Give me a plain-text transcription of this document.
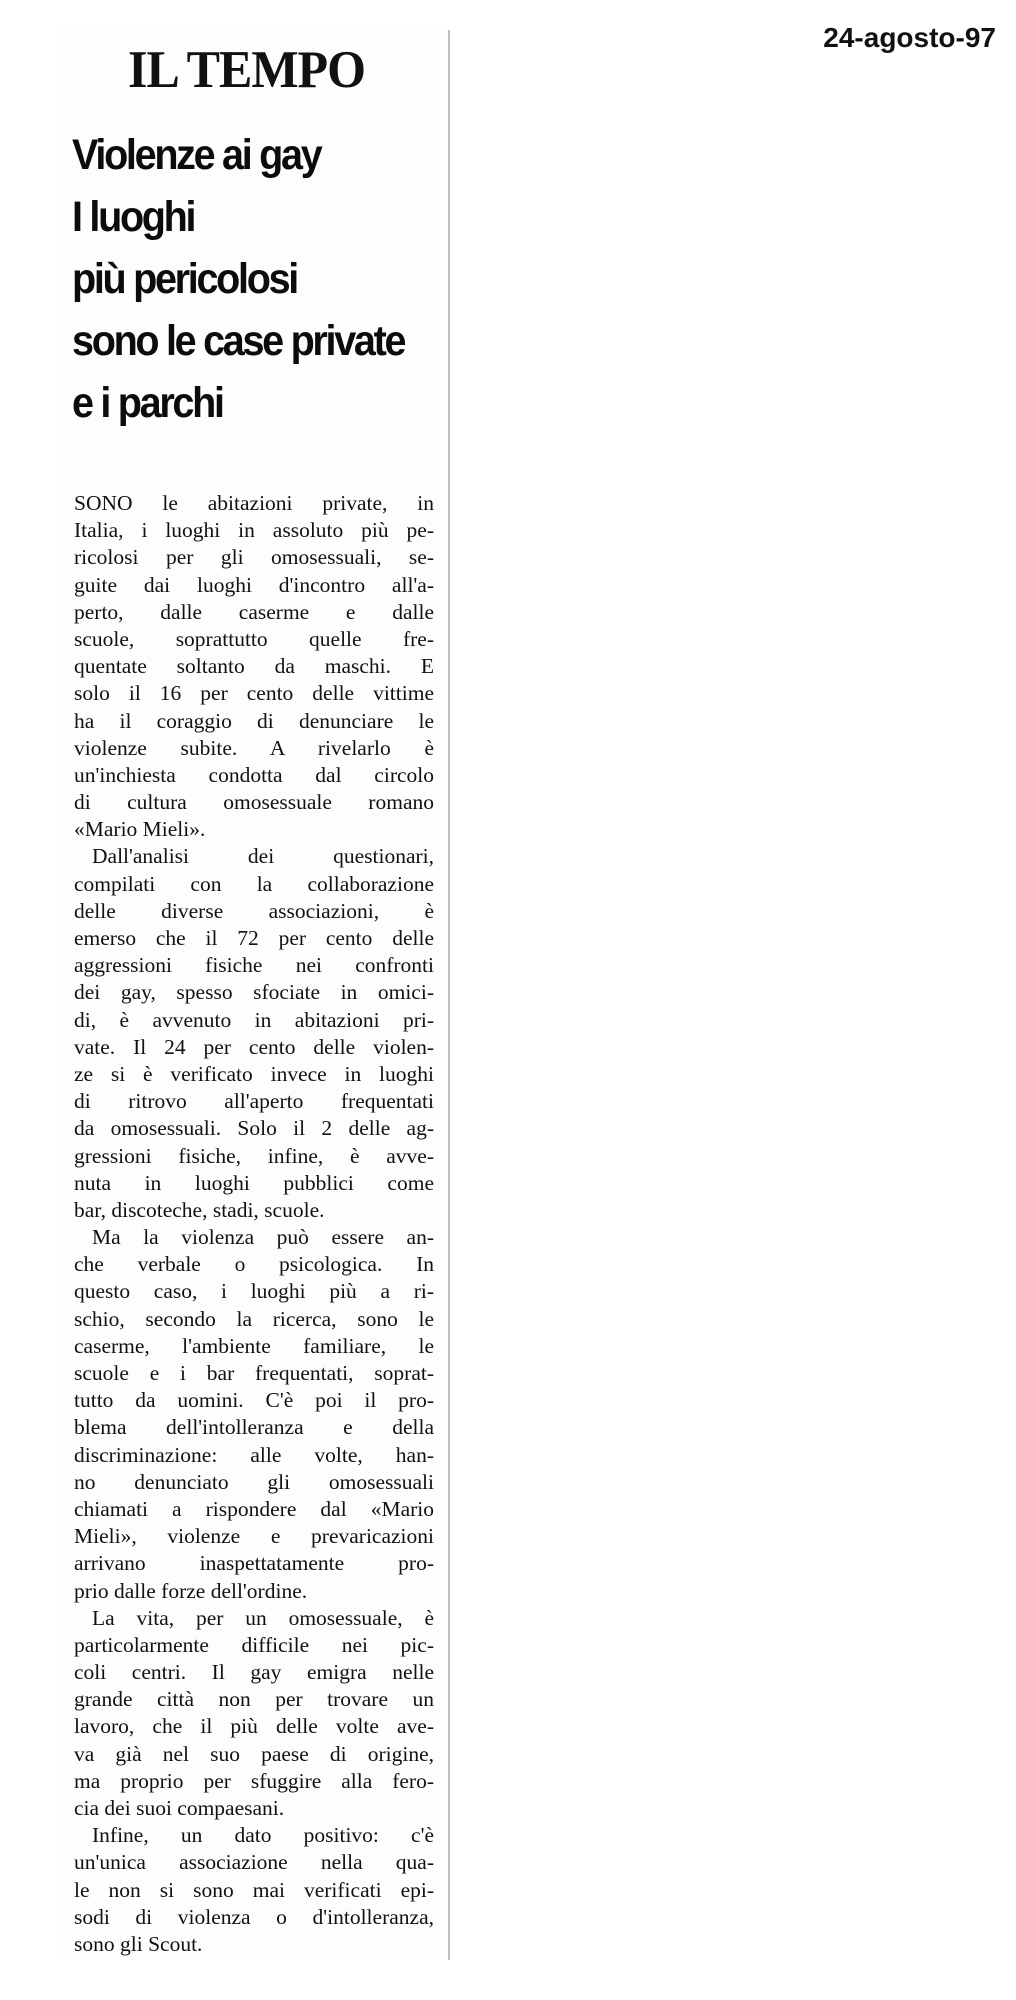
24-agosto-97
IL TEMPO
Violenze ai gay
I luoghi
più pericolosi
sono le case private
e i parchi
SONO le abitazioni private, in
Italia, i luoghi in assoluto più pe-
ricolosi per gli omosessuali, se-
guite dai luoghi d'incontro all'a-
perto, dalle caserme e dalle
scuole, soprattutto quelle fre-
quentate soltanto da maschi. E
solo il 16 per cento delle vittime
ha il coraggio di denunciare le
violenze subite. A rivelarlo è
un'inchiesta condotta dal circolo
di cultura omosessuale romano
«Mario Mieli».
Dall'analisi dei questionari,
compilati con la collaborazione
delle diverse associazioni, è
emerso che il 72 per cento delle
aggressioni fisiche nei confronti
dei gay, spesso sfociate in omici-
di, è avvenuto in abitazioni pri-
vate. Il 24 per cento delle violen-
ze si è verificato invece in luoghi
di ritrovo all'aperto frequentati
da omosessuali. Solo il 2 delle ag-
gressioni fisiche, infine, è avve-
nuta in luoghi pubblici come
bar, discoteche, stadi, scuole.
Ma la violenza può essere an-
che verbale o psicologica. In
questo caso, i luoghi più a ri-
schio, secondo la ricerca, sono le
caserme, l'ambiente familiare, le
scuole e i bar frequentati, soprat-
tutto da uomini. C'è poi il pro-
blema dell'intolleranza e della
discriminazione: alle volte, han-
no denunciato gli omosessuali
chiamati a rispondere dal «Mario
Mieli», violenze e prevaricazioni
arrivano inaspettatamente pro-
prio dalle forze dell'ordine.
La vita, per un omosessuale, è
particolarmente difficile nei pic-
coli centri. Il gay emigra nelle
grande città non per trovare un
lavoro, che il più delle volte ave-
va già nel suo paese di origine,
ma proprio per sfuggire alla fero-
cia dei suoi compaesani.
Infine, un dato positivo: c'è
un'unica associazione nella qua-
le non si sono mai verificati epi-
sodi di violenza o d'intolleranza,
sono gli Scout.
